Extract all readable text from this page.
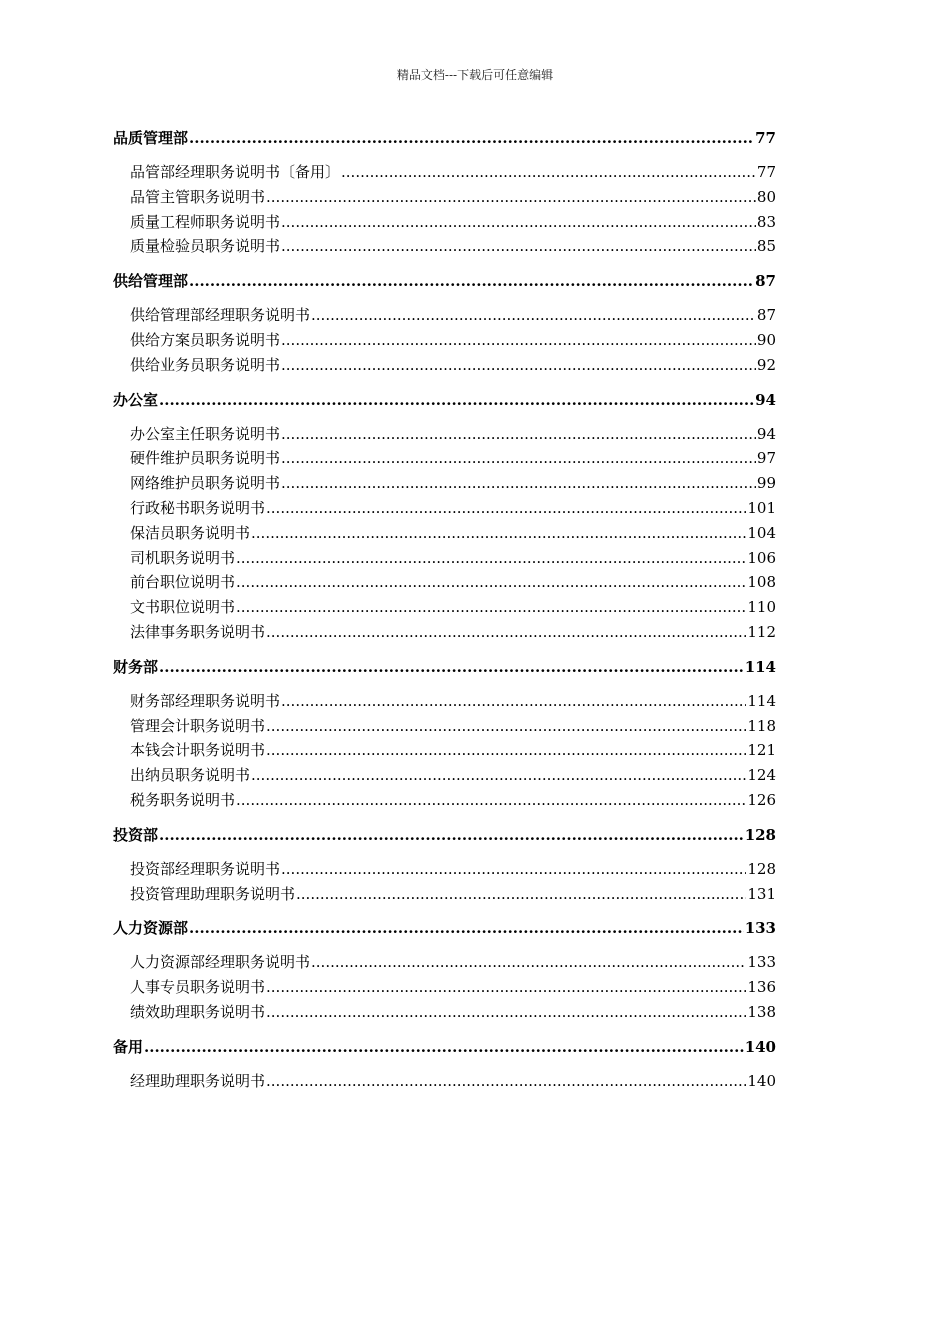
精品文档---下载后可任意编辑
品质管理部 .....	77
品管部经理职务说明书〔备用〕 .....	77
品管主管职务说明书 .....	80
质量工程师职务说明书 .....	83
质量检验员职务说明书 .....	85
供给管理部 .....	87
供给管理部经理职务说明书 .....	87
供给方案员职务说明书 .....	90
供给业务员职务说明书 .....	92
办公室 .....	94
办公室主任职务说明书 .....	94
硬件维护员职务说明书 .....	97
网络维护员职务说明书 .....	99
行政秘书职务说明书 .....	101
保洁员职务说明书 .....	104
司机职务说明书 .....	106
前台职位说明书 .....	108
文书职位说明书 .....	110
法律事务职务说明书 .....	112
财务部 .....	114
财务部经理职务说明书 .....	114
管理会计职务说明书 .....	118
本钱会计职务说明书 .....	121
出纳员职务说明书 .....	124
税务职务说明书 .....	126
投资部 .....	128
投资部经理职务说明书 .....	128
投资管理助理职务说明书 .....	131
人力资源部 .....	133
人力资源部经理职务说明书 .....	133
人事专员职务说明书 .....	136
绩效助理职务说明书 .....	138
备用 .....	140
经理助理职务说明书 .....	140
